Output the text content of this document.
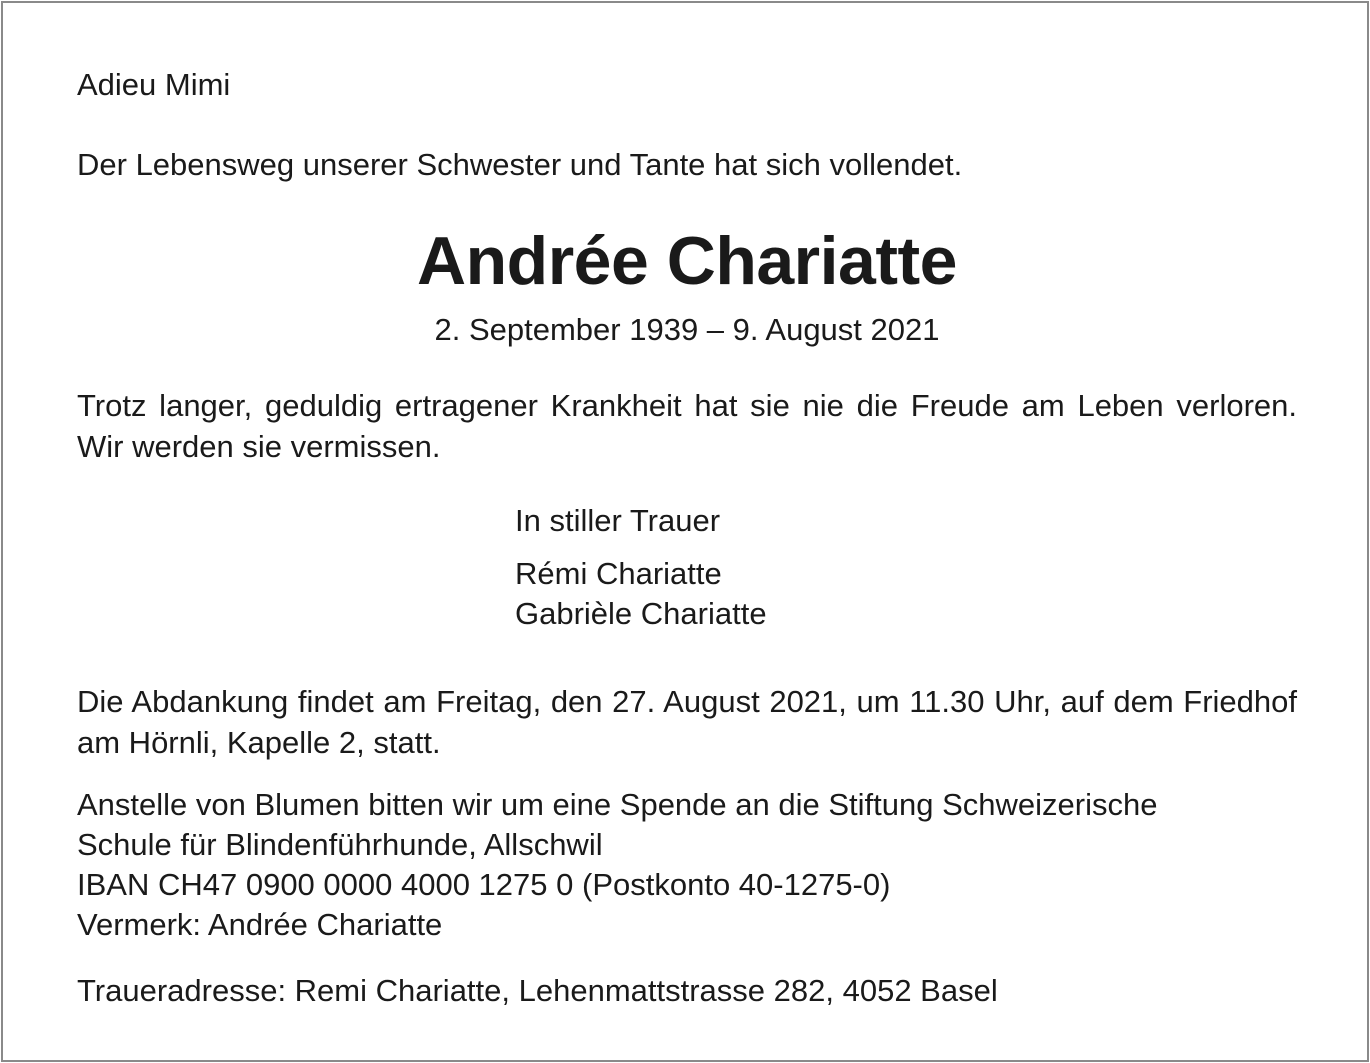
Adieu Mimi
Der Lebensweg unserer Schwester und Tante hat sich vollendet.
Andrée Chariatte
2. September 1939 – 9. August 2021
Trotz langer, geduldig ertragener Krankheit hat sie nie die Freude am Leben verloren. Wir werden sie vermissen.
In stiller Trauer
Rémi Chariatte
Gabrièle Chariatte
Die Abdankung findet am Freitag, den 27. August 2021, um 11.30 Uhr, auf dem Friedhof am Hörnli, Kapelle 2, statt.
Anstelle von Blumen bitten wir um eine Spende an die Stiftung Schweizerische
Schule für Blindenführhunde, Allschwil
IBAN CH47 0900 0000 4000 1275 0 (Postkonto 40-1275-0)
Vermerk: Andrée Chariatte
Traueradresse: Remi Chariatte, Lehenmattstrasse 282, 4052 Basel
